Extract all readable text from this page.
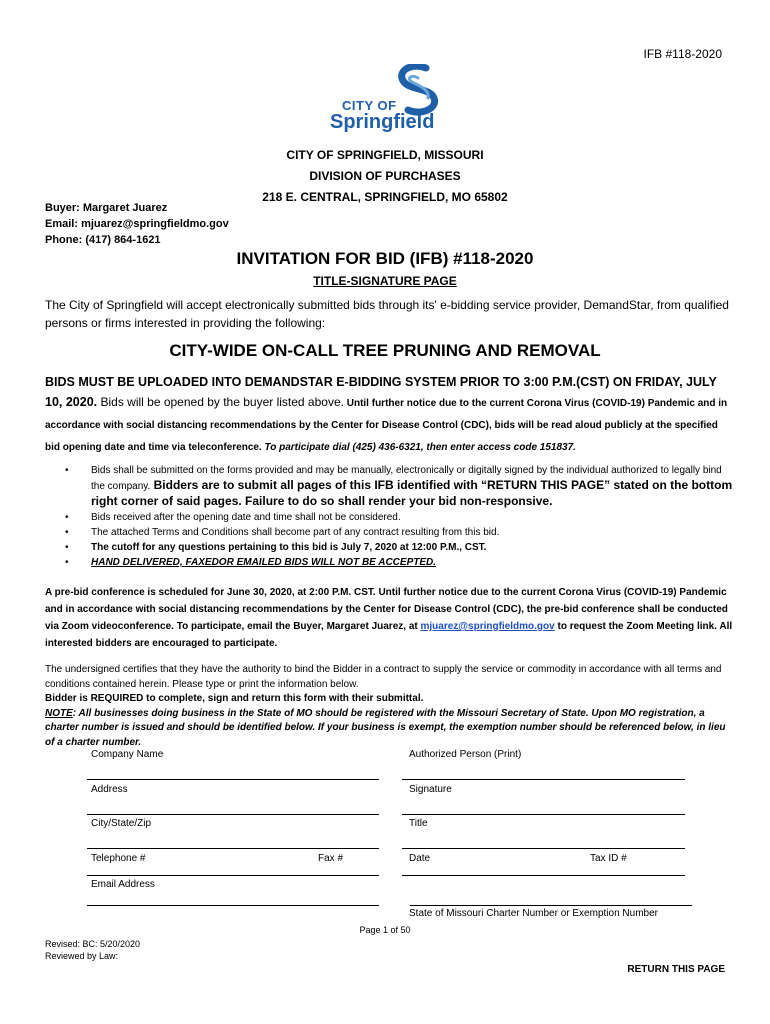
IFB #118-2020
CITY OF
Springfield
CITY OF SPRINGFIELD, MISSOURI
DIVISION OF PURCHASES
218 E. CENTRAL, SPRINGFIELD, MO 65802
Buyer: Margaret Juarez
Email: mjuarez@springfieldmo.gov
Phone: (417) 864-1621
INVITATION FOR BID (IFB) #118-2020
TITLE-SIGNATURE PAGE
The City of Springfield will accept electronically submitted bids through its' e-bidding service provider, DemandStar, from qualified persons or firms interested in providing the following:
CITY-WIDE ON-CALL TREE PRUNING AND REMOVAL
BIDS MUST BE UPLOADED INTO DEMANDSTAR E-BIDDING SYSTEM PRIOR TO 3:00 P.M.(CST) ON FRIDAY, JULY 10, 2020. Bids will be opened by the buyer listed above. Until further notice due to the current Corona Virus (COVID-19) Pandemic and in accordance with social distancing recommendations by the Center for Disease Control (CDC), bids will be read aloud publicly at the specified bid opening date and time via teleconference. To participate dial (425) 436-6321, then enter access code 151837.
• Bids shall be submitted on the forms provided and may be manually, electronically or digitally signed by the individual authorized to legally bind the company. Bidders are to submit all pages of this IFB identified with “RETURN THIS PAGE” stated on the bottom right corner of said pages. Failure to do so shall render your bid non-responsive.
• Bids received after the opening date and time shall not be considered.
• The attached Terms and Conditions shall become part of any contract resulting from this bid.
• The cutoff for any questions pertaining to this bid is July 7, 2020 at 12:00 P.M., CST.
• HAND DELIVERED, FAXEDOR EMAILED BIDS WILL NOT BE ACCEPTED.
A pre-bid conference is scheduled for June 30, 2020, at 2:00 P.M. CST. Until further notice due to the current Corona Virus (COVID-19) Pandemic and in accordance with social distancing recommendations by the Center for Disease Control (CDC), the pre-bid conference shall be conducted via Zoom videoconference. To participate, email the Buyer, Margaret Juarez, at mjuarez@springfieldmo.gov to request the Zoom Meeting link. All interested bidders are encouraged to participate.
The undersigned certifies that they have the authority to bind the Bidder in a contract to supply the service or commodity in accordance with all terms and conditions contained herein. Please type or print the information below.
Bidder is REQUIRED to complete, sign and return this form with their submittal.
NOTE: All businesses doing business in the State of MO should be registered with the Missouri Secretary of State. Upon MO registration, a charter number is issued and should be identified below. If your business is exempt, the exemption number should be referenced below, in lieu of a charter number.
Company Name	Authorized Person (Print)
Address	Signature
City/State/Zip	Title
Telephone #	Fax #	Date	Tax ID #
Email Address
State of Missouri Charter Number or Exemption Number
Page 1 of 50
Revised: BC: 5/20/2020
Reviewed by Law:
RETURN THIS PAGE
